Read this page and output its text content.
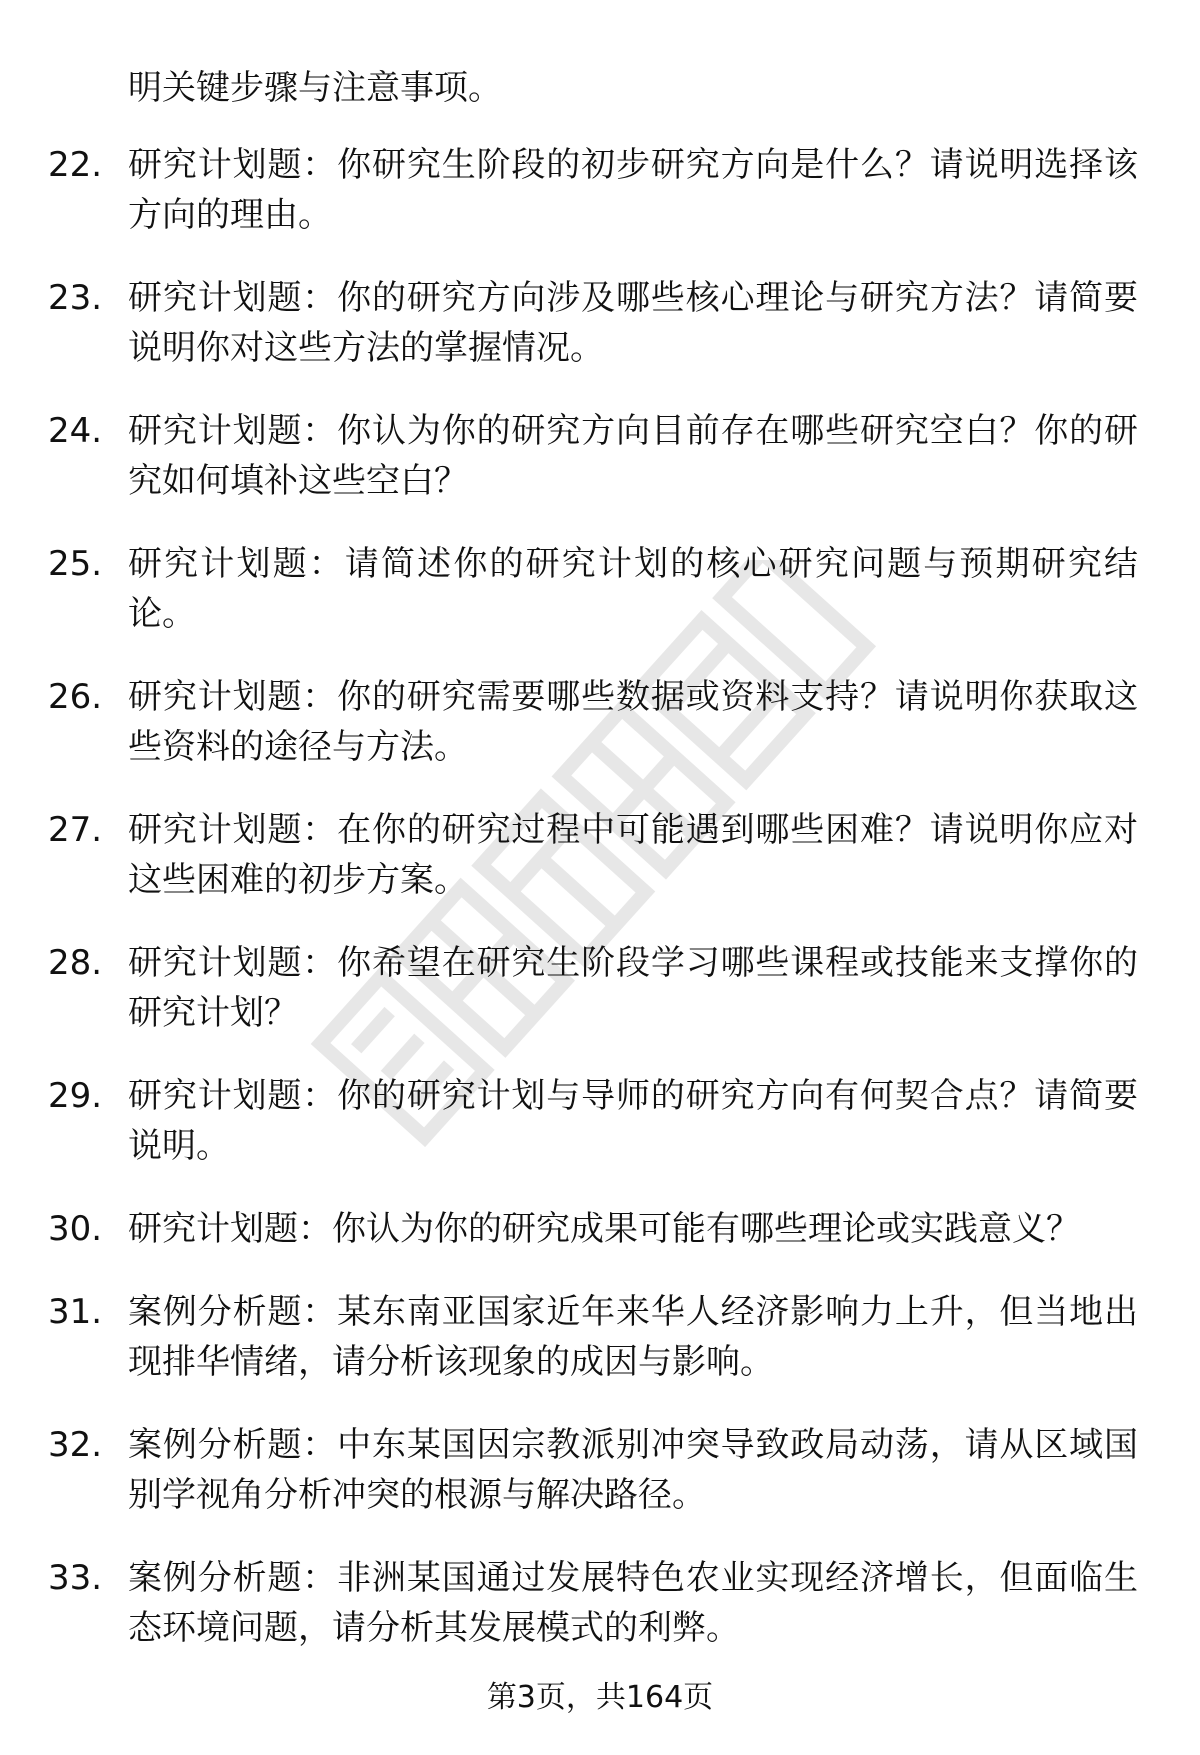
明关键步骤与注意事项。
22. 研究计划题：你研究生阶段的初步研究方向是什么？请说明选择该方向的理由。
23. 研究计划题：你的研究方向涉及哪些核心理论与研究方法？请简要说明你对这些方法的掌握情况。
24. 研究计划题：你认为你的研究方向目前存在哪些研究空白？你的研究如何填补这些空白？
25. 研究计划题：请简述你的研究计划的核心研究问题与预期研究结论。
26. 研究计划题：你的研究需要哪些数据或资料支持？请说明你获取这些资料的途径与方法。
27. 研究计划题：在你的研究过程中可能遇到哪些困难？请说明你应对这些困难的初步方案。
28. 研究计划题：你希望在研究生阶段学习哪些课程或技能来支撑你的研究计划？
29. 研究计划题：你的研究计划与导师的研究方向有何契合点？请简要说明。
30. 研究计划题：你认为你的研究成果可能有哪些理论或实践意义？
31. 案例分析题：某东南亚国家近年来华人经济影响力上升，但当地出现排华情绪，请分析该现象的成因与影响。
32. 案例分析题：中东某国因宗教派别冲突导致政局动荡，请从区域国别学视角分析冲突的根源与解决路径。
33. 案例分析题：非洲某国通过发展特色农业实现经济增长，但面临生态环境问题，请分析其发展模式的利弊。
第3页，共164页
